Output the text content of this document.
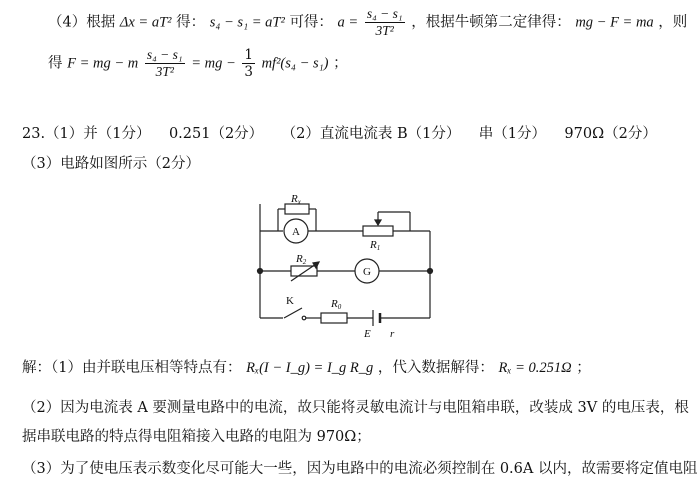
（4）根据 Δx = aT² 得： s₄ − s₁ = aT² 可得： $a = \frac{\text{s₄ − s₁}}{\text{3T²}}$ ，根据牛顿第二定律得： mg − F = ma ，则
得 F = mg − m $\frac{\text{s₄ − s₁}}{\text{3T²}}$ = mg − $\frac{1}{3} mf^2(s_4 - s_1)$ ；
23.（1）并（1分）    0.251（2分）    （2）直流电流表 B（1分）    串（1分）    970Ω（2分）
（3）电路如图所示（2分）
Rx
R1
R2
R0
E r
A
G
K
解：（1）由并联电压相等特点有： Rₓ(I − I_g) = I_g R_g ，代入数据解得： Rₓ = 0.251Ω ；
（2）因为电流表 A 要测量电路中的电流，故只能将灵敏电流计与电阻箱串联，改装成 3V 的电压表，根
据串联电路的特点得电阻箱接入电路的电阻为 970Ω；
（3）为了使电压表示数变化尽可能大一些，因为电路中的电流必须控制在 0.6A 以内，故需要将定值电阻
